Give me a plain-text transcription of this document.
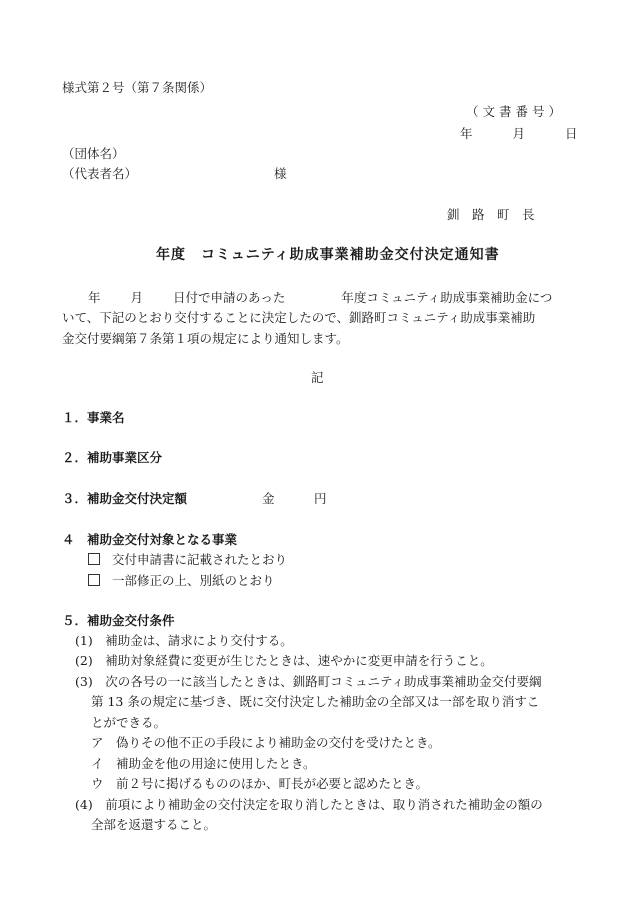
様式第２号（第７条関係）
（文書番号）
年	月	日
（団体名）
（代表者名）	様
釧　路　町　長
年度　コミュニティ助成事業補助金交付決定通知書
年 月 日付で申請のあった	年度コミュニティ助成事業補助金につ
いて、下記のとおり交付することに決定したので、釧路町コミュニティ助成事業補助
金交付要綱第７条第１項の規定により通知します。
記
１．事業名
２．補助事業区分
３．補助金交付決定額	金	円
４　補助金交付対象となる事業
交付申請書に記載されたとおり
一部修正の上、別紙のとおり
５．補助金交付条件
(1)　補助金は、請求により交付する。
(2)　補助対象経費に変更が生じたときは、速やかに変更申請を行うこと。
(3)　次の各号の一に該当したときは、釧路町コミュニティ助成事業補助金交付要綱
第 13 条の規定に基づき、既に交付決定した補助金の全部又は一部を取り消すこ
とができる。
ア　偽りその他不正の手段により補助金の交付を受けたとき。
イ　補助金を他の用途に使用したとき。
ウ　前２号に掲げるもののほか、町長が必要と認めたとき。
(4)　前項により補助金の交付決定を取り消したときは、取り消された補助金の額の
全部を返還すること。
